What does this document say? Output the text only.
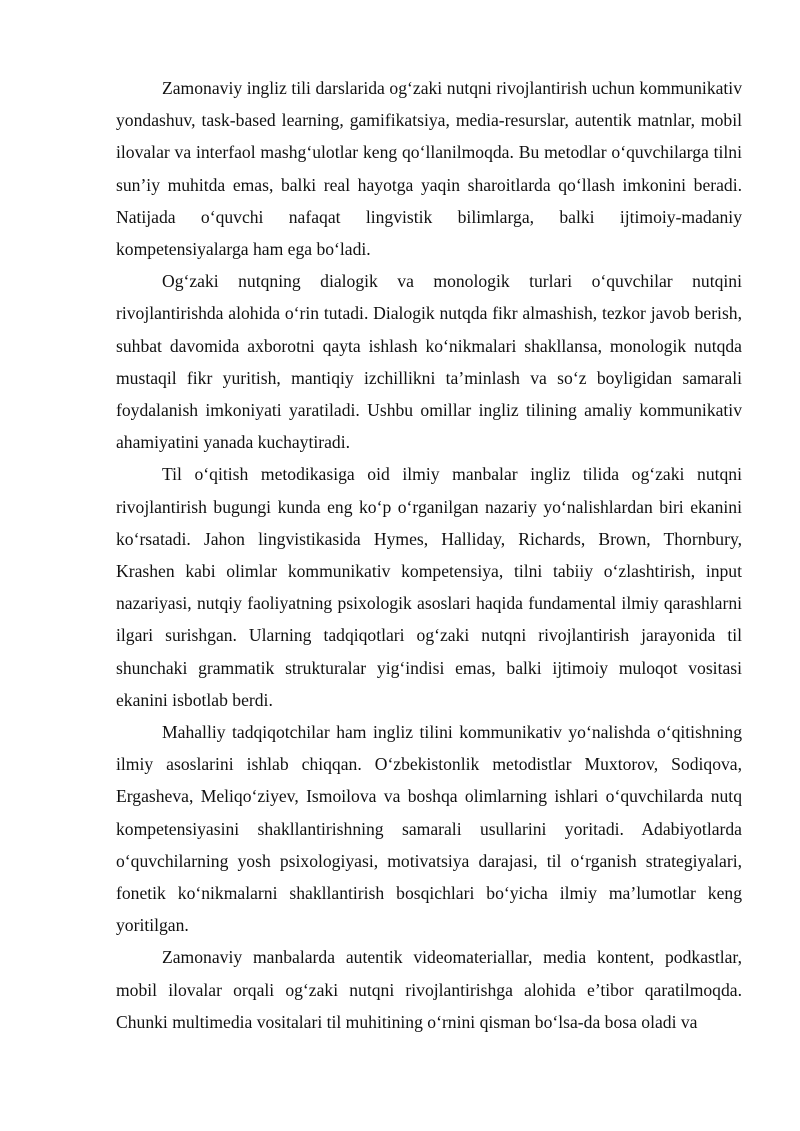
Zamonaviy ingliz tili darslarida og‘zaki nutqni rivojlantirish uchun kommunikativ yondashuv, task-based learning, gamifikatsiya, media-resurslar, autentik matnlar, mobil ilovalar va interfaol mashg‘ulotlar keng qo‘llanilmoqda. Bu metodlar o‘quvchilarga tilni sun’iy muhitda emas, balki real hayotga yaqin sharoitlarda qo‘llash imkonini beradi. Natijada o‘quvchi nafaqat lingvistik bilimlarga, balki ijtimoiy-madaniy kompetensiyalarga ham ega bo‘ladi.

Og‘zaki nutqning dialogik va monologik turlari o‘quvchilar nutqini rivojlantirishda alohida o‘rin tutadi. Dialogik nutqda fikr almashish, tezkor javob berish, suhbat davomida axborotni qayta ishlash ko‘nikmalari shakllansa, monologik nutqda mustaqil fikr yuritish, mantiqiy izchillikni ta’minlash va so‘z boyligidan samarali foydalanish imkoniyati yaratiladi. Ushbu omillar ingliz tilining amaliy kommunikativ ahamiyatini yanada kuchaytiradi.

Til o‘qitish metodikasiga oid ilmiy manbalar ingliz tilida og‘zaki nutqni rivojlantirish bugungi kunda eng ko‘p o‘rganilgan nazariy yo‘nalishlardan biri ekanini ko‘rsatadi. Jahon lingvistikasida Hymes, Halliday, Richards, Brown, Thornbury, Krashen kabi olimlar kommunikativ kompetensiya, tilni tabiiy o‘zlashtirish, input nazariyasi, nutqiy faoliyatning psixologik asoslari haqida fundamental ilmiy qarashlarni ilgari surishgan. Ularning tadqiqotlari og‘zaki nutqni rivojlantirish jarayonida til shunchaki grammatik strukturalar yig‘indisi emas, balki ijtimoiy muloqot vositasi ekanini isbotlab berdi.

Mahalliy tadqiqotchilar ham ingliz tilini kommunikativ yo‘nalishda o‘qitishning ilmiy asoslarini ishlab chiqqan. O‘zbekistonlik metodistlar Muxtorov, Sodiqova, Ergasheva, Meliqo‘ziyev, Ismoilova va boshqa olimlarning ishlari o‘quvchilarda nutq kompetensiyasini shakllantirishning samarali usullarini yoritadi. Adabiyotlarda o‘quvchilarning yosh psixologiyasi, motivatsiya darajasi, til o‘rganish strategiyalari, fonetik ko‘nikmalarni shakllantirish bosqichlari bo‘yicha ilmiy ma’lumotlar keng yoritilgan.

Zamonaviy manbalarda autentik videomateriallar, media kontent, podkastlar, mobil ilovalar orqali og‘zaki nutqni rivojlantirishga alohida e’tibor qaratilmoqda. Chunki multimedia vositalari til muhitining o‘rnini qisman bo‘lsa-da bosa oladi va
